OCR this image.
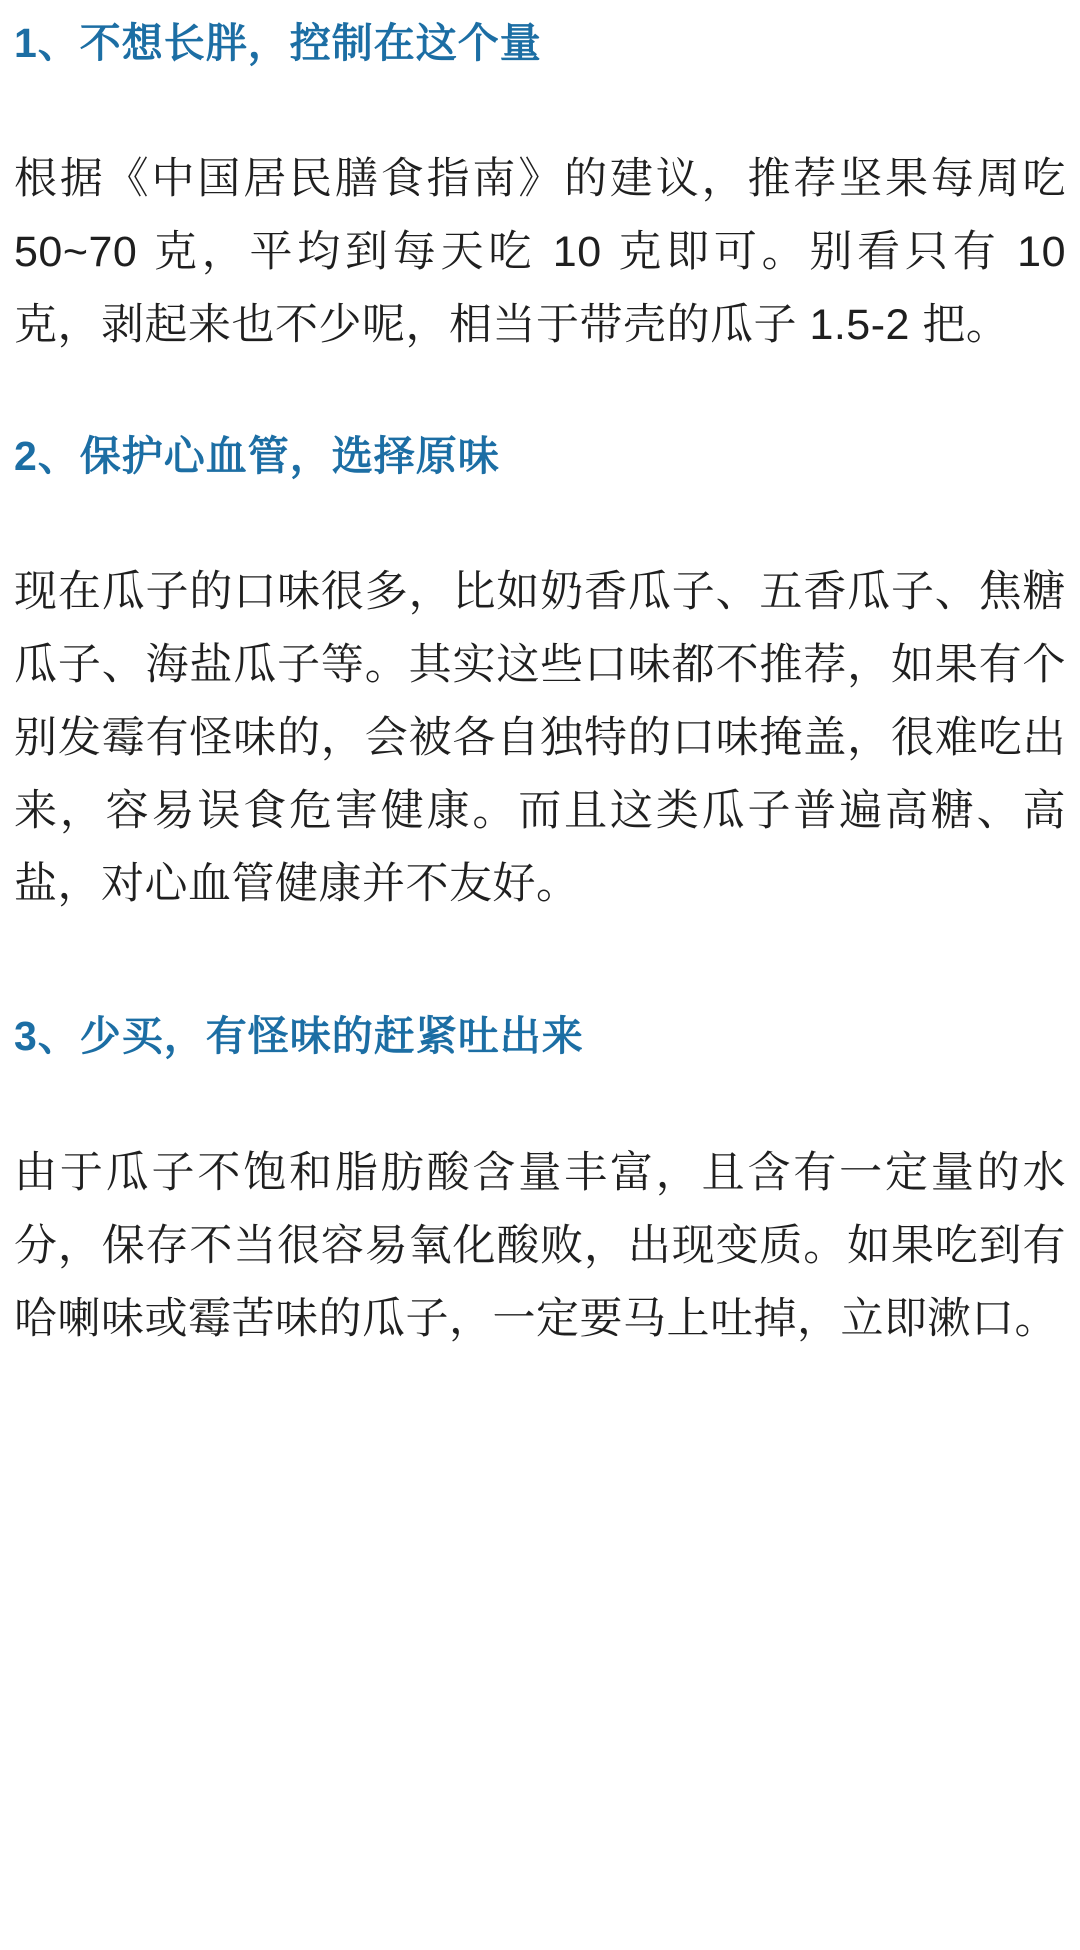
1、不想长胖，控制在这个量

根据《中国居民膳食指南》的建议，推荐坚果每周吃 50~70 克，平均到每天吃 10 克即可。别看只有 10 克，剥起来也不少呢，相当于带壳的瓜子 1.5-2 把。

2、保护心血管，选择原味

现在瓜子的口味很多，比如奶香瓜子、五香瓜子、焦糖瓜子、海盐瓜子等。其实这些口味都不推荐，如果有个别发霉有怪味的，会被各自独特的口味掩盖，很难吃出来，容易误食危害健康。而且这类瓜子普遍高糖、高盐，对心血管健康并不友好。

3、少买，有怪味的赶紧吐出来

由于瓜子不饱和脂肪酸含量丰富，且含有一定量的水分，保存不当很容易氧化酸败，出现变质。如果吃到有哈喇味或霉苦味的瓜子，一定要马上吐掉，立即漱口。
